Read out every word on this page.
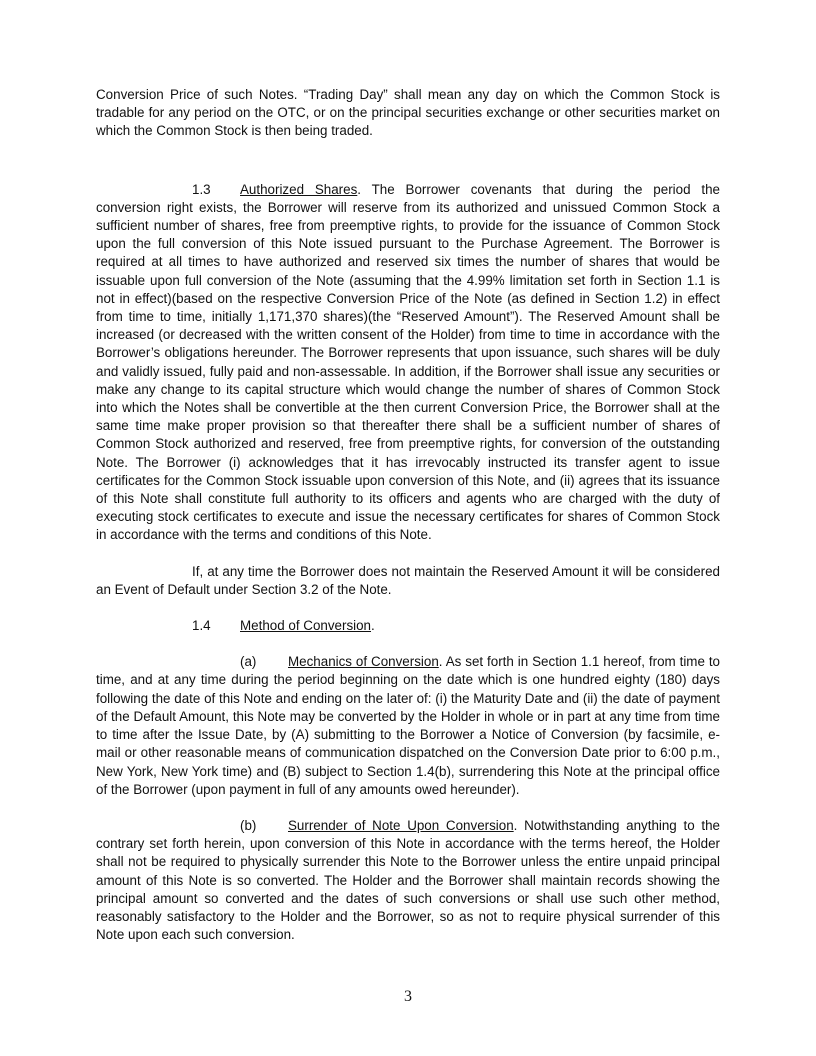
Conversion Price of such Notes. “Trading Day” shall mean any day on which the Common Stock is tradable for any period on the OTC, or on the principal securities exchange or other securities market on which the Common Stock is then being traded.

1.3 Authorized Shares. The Borrower covenants that during the period the conversion right exists, the Borrower will reserve from its authorized and unissued Common Stock a sufficient number of shares, free from preemptive rights, to provide for the issuance of Common Stock upon the full conversion of this Note issued pursuant to the Purchase Agreement. The Borrower is required at all times to have authorized and reserved six times the number of shares that would be issuable upon full conversion of the Note (assuming that the 4.99% limitation set forth in Section 1.1 is not in effect)(based on the respective Conversion Price of the Note (as defined in Section 1.2) in effect from time to time, initially 1,171,370 shares)(the “Reserved Amount”). The Reserved Amount shall be increased (or decreased with the written consent of the Holder) from time to time in accordance with the Borrower’s obligations hereunder. The Borrower represents that upon issuance, such shares will be duly and validly issued, fully paid and non-assessable. In addition, if the Borrower shall issue any securities or make any change to its capital structure which would change the number of shares of Common Stock into which the Notes shall be convertible at the then current Conversion Price, the Borrower shall at the same time make proper provision so that thereafter there shall be a sufficient number of shares of Common Stock authorized and reserved, free from preemptive rights, for conversion of the outstanding Note. The Borrower (i) acknowledges that it has irrevocably instructed its transfer agent to issue certificates for the Common Stock issuable upon conversion of this Note, and (ii) agrees that its issuance of this Note shall constitute full authority to its officers and agents who are charged with the duty of executing stock certificates to execute and issue the necessary certificates for shares of Common Stock in accordance with the terms and conditions of this Note.

If, at any time the Borrower does not maintain the Reserved Amount it will be considered an Event of Default under Section 3.2 of the Note.

1.4 Method of Conversion.

(a) Mechanics of Conversion. As set forth in Section 1.1 hereof, from time to time, and at any time during the period beginning on the date which is one hundred eighty (180) days following the date of this Note and ending on the later of: (i) the Maturity Date and (ii) the date of payment of the Default Amount, this Note may be converted by the Holder in whole or in part at any time from time to time after the Issue Date, by (A) submitting to the Borrower a Notice of Conversion (by facsimile, e-mail or other reasonable means of communication dispatched on the Conversion Date prior to 6:00 p.m., New York, New York time) and (B) subject to Section 1.4(b), surrendering this Note at the principal office of the Borrower (upon payment in full of any amounts owed hereunder).

(b) Surrender of Note Upon Conversion. Notwithstanding anything to the contrary set forth herein, upon conversion of this Note in accordance with the terms hereof, the Holder shall not be required to physically surrender this Note to the Borrower unless the entire unpaid principal amount of this Note is so converted. The Holder and the Borrower shall maintain records showing the principal amount so converted and the dates of such conversions or shall use such other method, reasonably satisfactory to the Holder and the Borrower, so as not to require physical surrender of this Note upon each such conversion.

3
